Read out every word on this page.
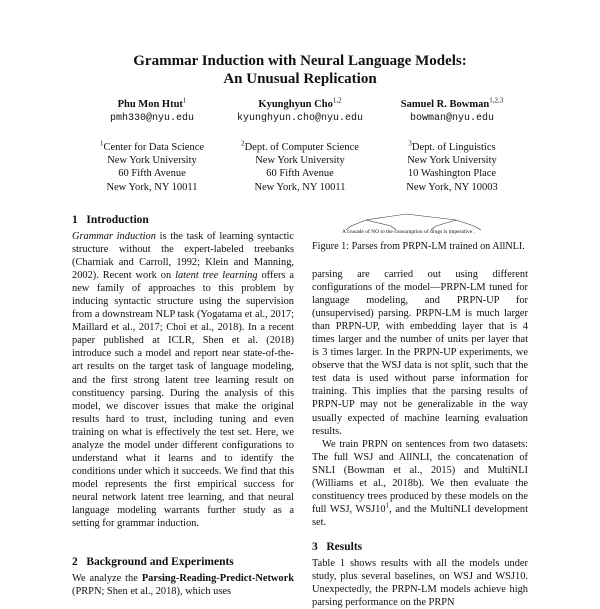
Grammar Induction with Neural Language Models:
An Unusual Replication
Phu Mon Htut$^1$
pmh330@nyu.edu
Kyunghyun Cho$^{1,2}$
kyunghyun.cho@nyu.edu
Samuel R. Bowman$^{1,2,3}$
bowman@nyu.edu
$^1$Center for Data Science
New York University
60 Fifth Avenue
New York, NY 10011
$^2$Dept. of Computer Science
New York University
60 Fifth Avenue
New York, NY 10011
$^3$Dept. of Linguistics
New York University
10 Washington Place
New York, NY 10003
1 Introduction

Grammar induction is the task of learning syntactic structure without the expert-labeled treebanks (Charniak and Carroll, 1992; Klein and Manning, 2002). Recent work on latent tree learning offers a new family of approaches to this problem by inducing syntactic structure using the supervision from a downstream NLP task (Yogatama et al., 2017; Maillard et al., 2017; Choi et al., 2018). In a recent paper published at ICLR, Shen et al. (2018) introduce such a model and report near state-of-the-art results on the target task of language modeling, and the first strong latent tree learning result on constituency parsing. During the analysis of this model, we discover issues that make the original results hard to trust, including tuning and even training on what is effectively the test set. Here, we analyze the model under different configurations to understand what it learns and to identify the conditions under which it succeeds. We find that this model represents the first empirical success for neural network latent tree learning, and that neural language modeling warrants further study as a setting for grammar induction.

2 Background and Experiments

We analyze the Parsing-Reading-Predict-Network (PRPN; Shen et al., 2018), which uses

A crusade of NO to the consumption of drugs is imperative .
Figure 1: Parses from PRPN-LM trained on AllNLI.

parsing are carried out using different configurations of the model—PRPN-LM tuned for language modeling, and PRPN-UP for (unsupervised) parsing. PRPN-LM is much larger than PRPN-UP, with embedding layer that is 4 times larger and the number of units per layer that is 3 times larger. In the PRPN-UP experiments, we observe that the WSJ data is not split, such that the test data is used without parse information for training. This implies that the parsing results of PRPN-UP may not be generalizable in the way usually expected of machine learning evaluation results.

We train PRPN on sentences from two datasets: The full WSJ and AllNLI, the concatenation of SNLI (Bowman et al., 2015) and MultiNLI (Williams et al., 2018b). We then evaluate the constituency trees produced by these models on the full WSJ, $WSJ10^1$, and the MultiNLI development set.

3 Results

Table 1 shows results with all the models under study, plus several baselines, on WSJ and WSJ10. Unexpectedly, the PRPN-LM models achieve high parsing performance on the PRPN
